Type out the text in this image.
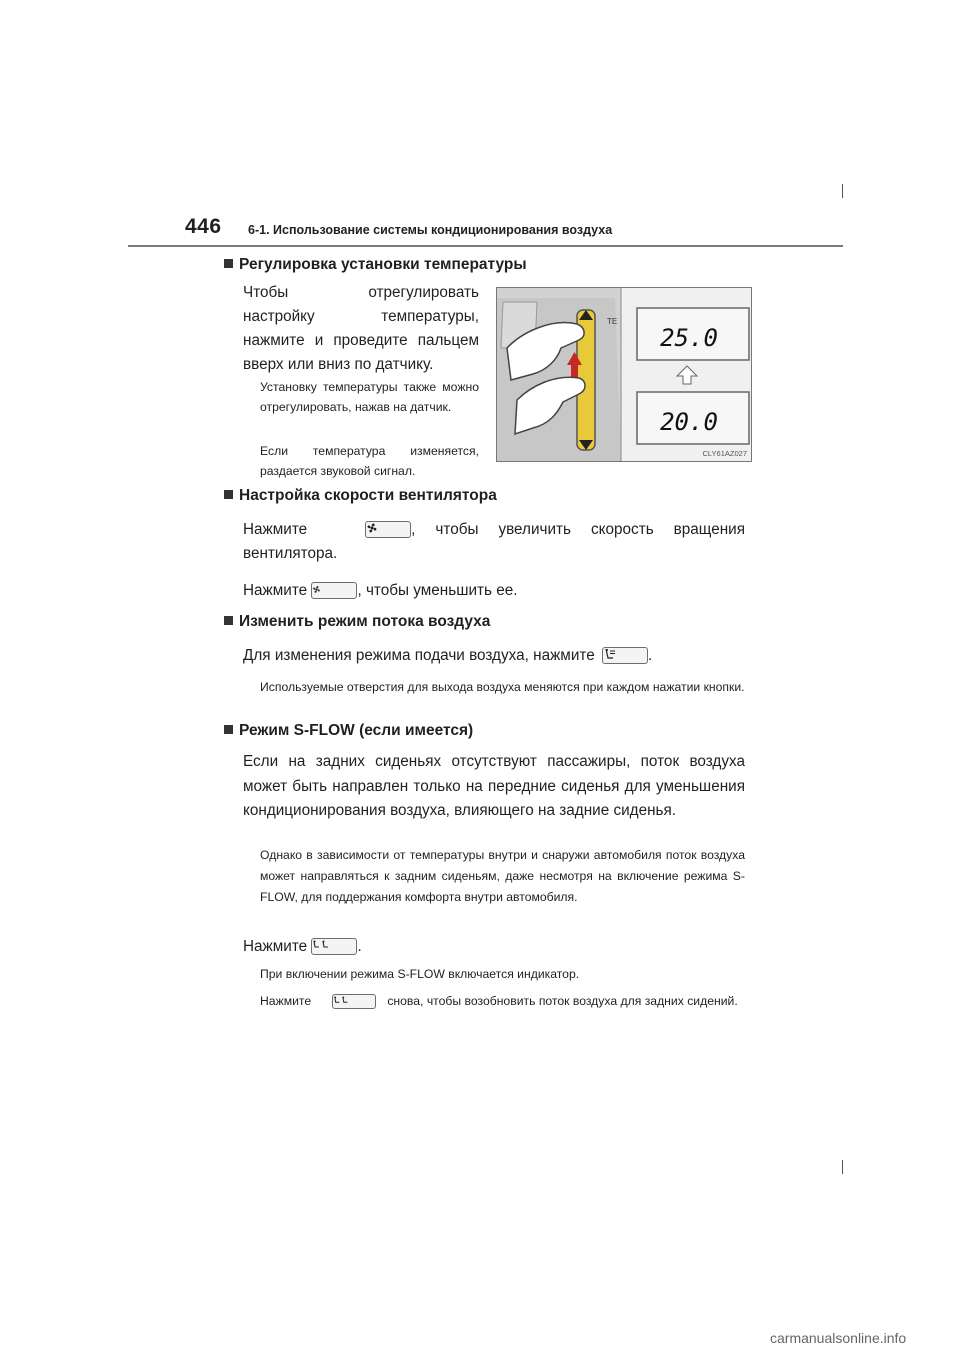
446 6-1. Использование системы кондиционирования воздуха
Регулировка установки температуры
Чтобы отрегулировать настройку температуры, нажмите и проведите пальцем вверх или вниз по датчику.
Установку температуры также можно отрегулировать, нажав на датчик.
Если температура изменяется, раздается звуковой сигнал.
25.0
20.0
TE
CLY61AZ027
Настройка скорости вентилятора
Нажмите	, чтобы увеличить скорость вращения вентилятора.
Нажмите	, чтобы уменьшить ее.
Изменить режим потока воздуха
Для изменения режима подачи воздуха, нажмите	.
Используемые отверстия для выхода воздуха меняются при каждом нажатии кнопки.
Режим S-FLOW (если имеется)
Если на задних сиденьях отсутствуют пассажиры, поток воздуха может быть направлен только на передние сиденья для уменьшения кондиционирования воздуха, влияющего на задние сиденья.
Однако в зависимости от температуры внутри и снаружи автомобиля поток воздуха может направляться к задним сиденьям, даже несмотря на включение режима S-FLOW, для поддержания комфорта внутри автомобиля.
Нажмите	.
При включении режима S-FLOW включается индикатор.
Нажмите	снова, чтобы возобновить поток воздуха для задних сидений.
carmanualsonline.info
